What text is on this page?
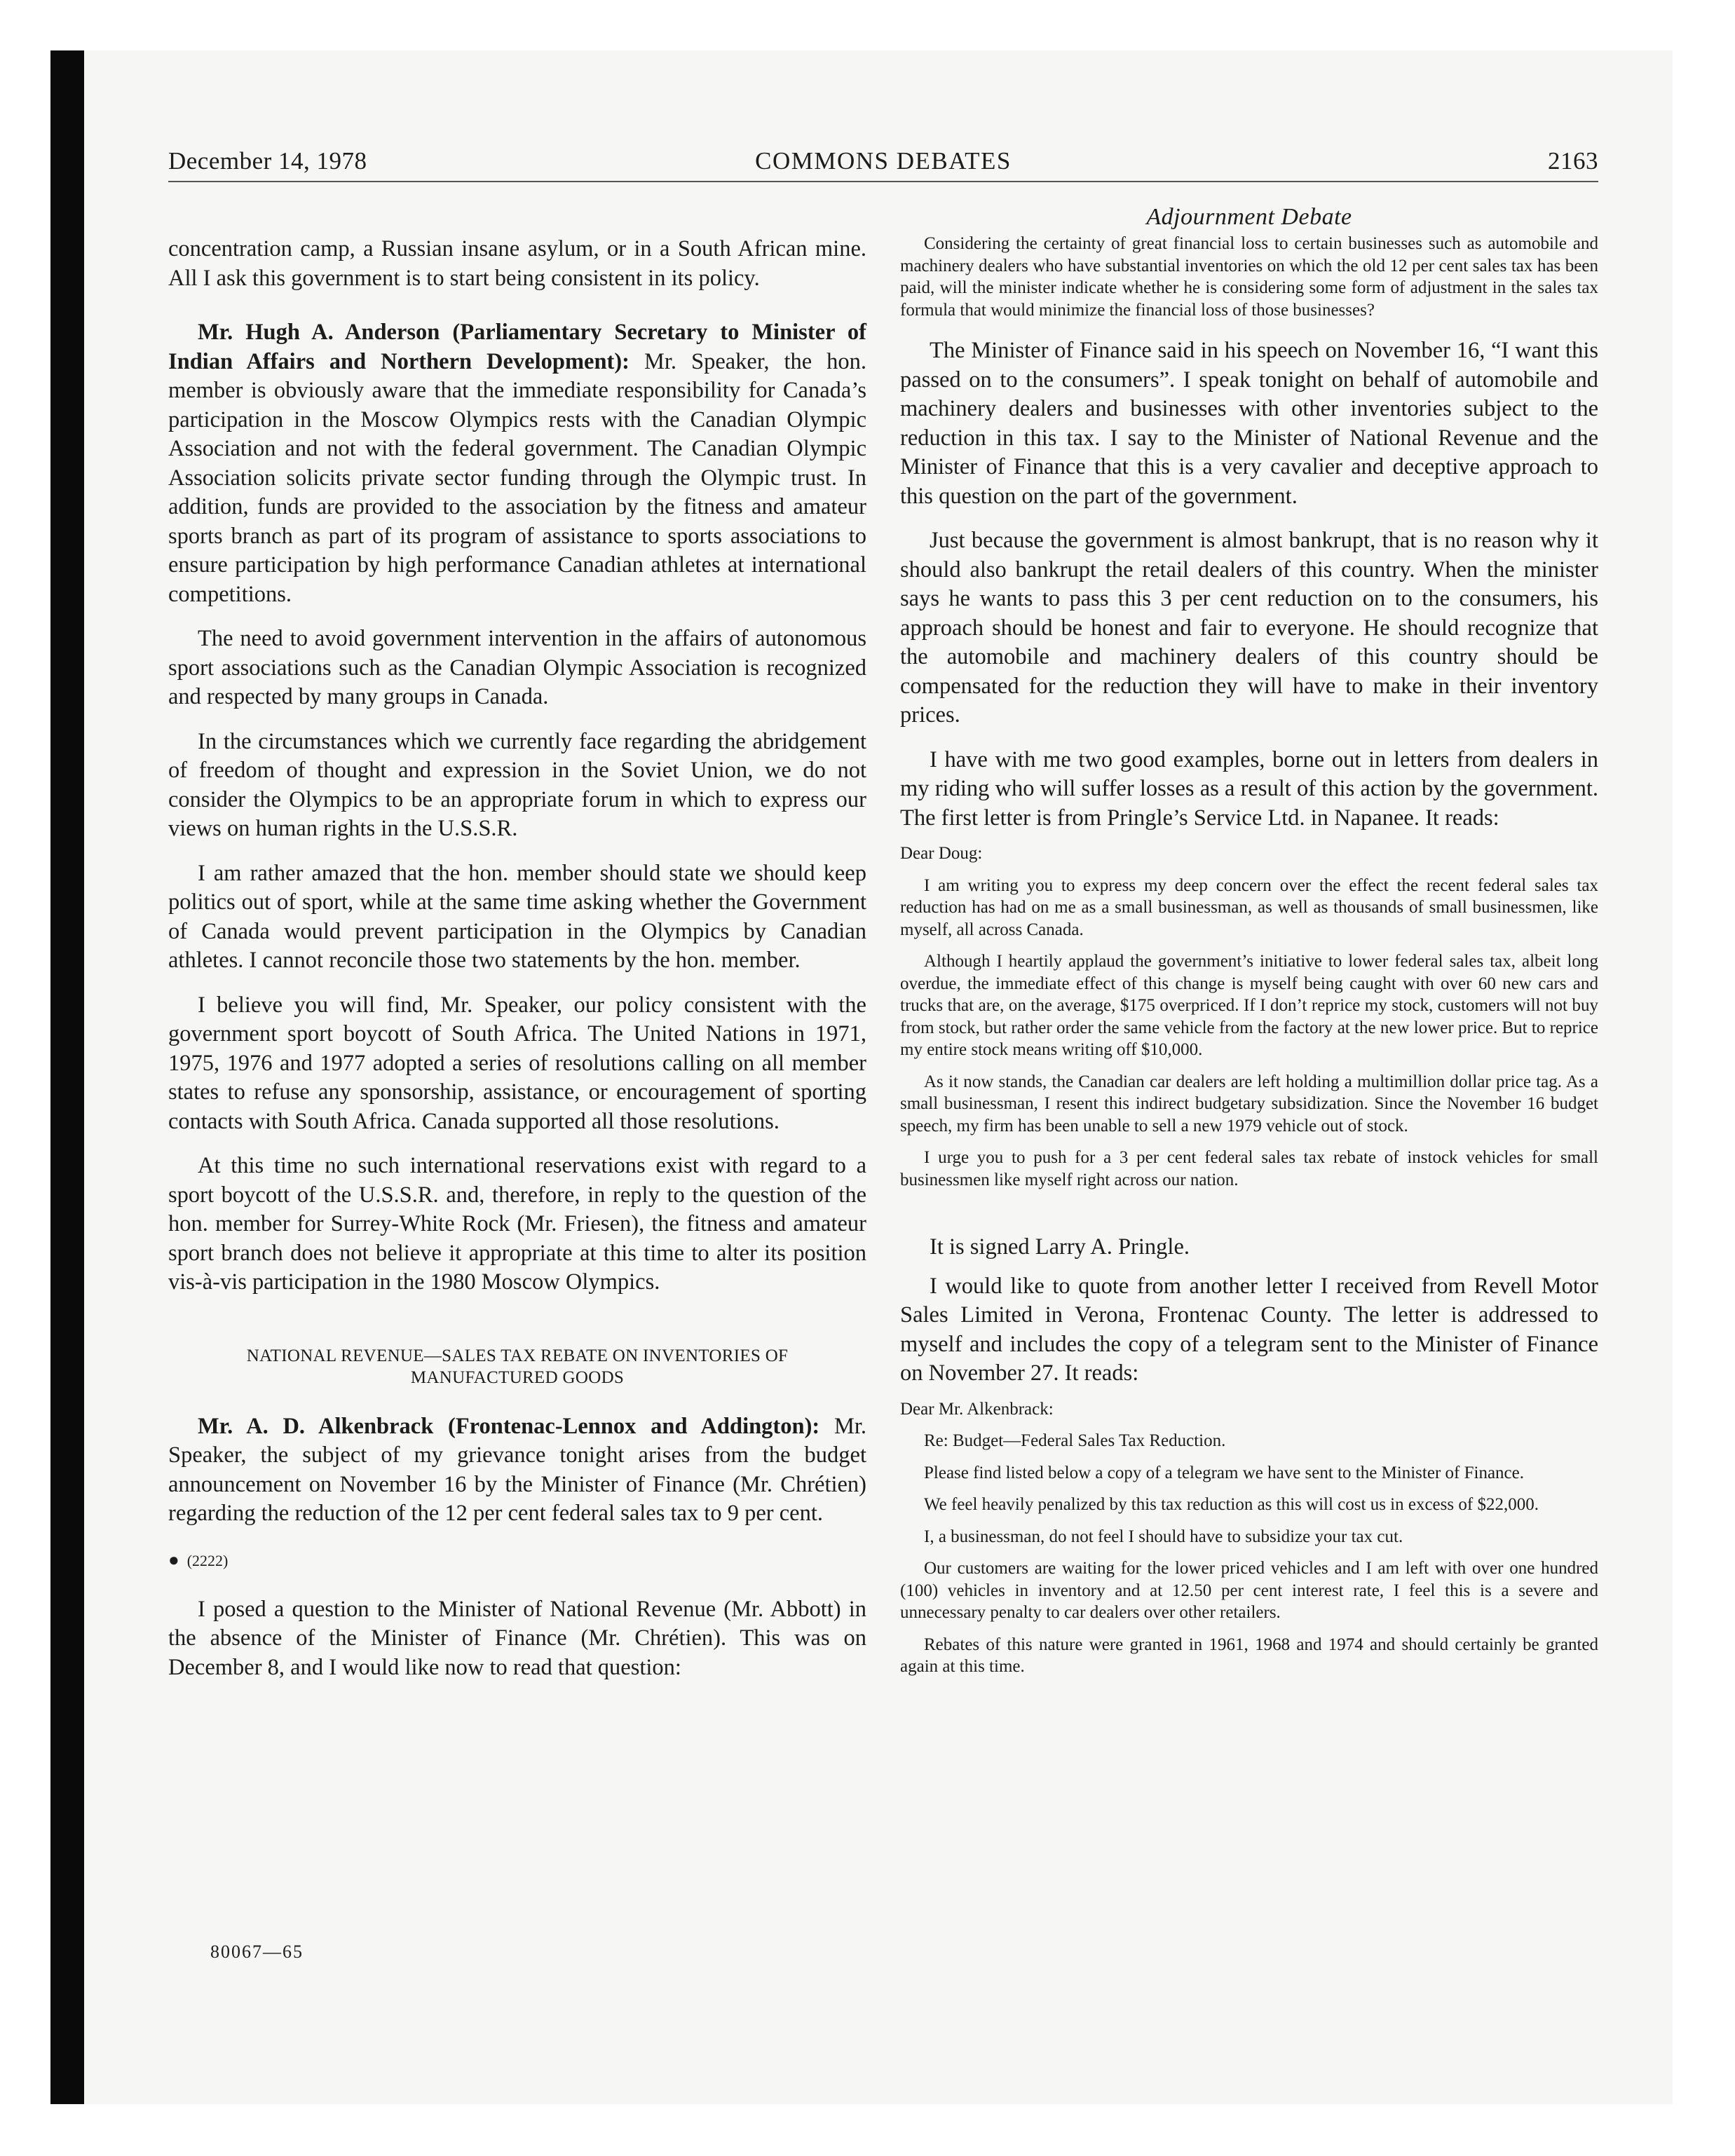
December 14, 1978	COMMONS DEBATES	2163

concentration camp, a Russian insane asylum, or in a South African mine. All I ask this government is to start being consistent in its policy.

Mr. Hugh A. Anderson (Parliamentary Secretary to Minister of Indian Affairs and Northern Development): Mr. Speaker, the hon. member is obviously aware that the immediate responsibility for Canada’s participation in the Moscow Olympics rests with the Canadian Olympic Association and not with the federal government. The Canadian Olympic Association solicits private sector funding through the Olympic trust. In addition, funds are provided to the association by the fitness and amateur sports branch as part of its program of assistance to sports associations to ensure participation by high performance Canadian athletes at international competitions.

The need to avoid government intervention in the affairs of autonomous sport associations such as the Canadian Olympic Association is recognized and respected by many groups in Canada.

In the circumstances which we currently face regarding the abridgement of freedom of thought and expression in the Soviet Union, we do not consider the Olympics to be an appropriate forum in which to express our views on human rights in the U.S.S.R.

I am rather amazed that the hon. member should state we should keep politics out of sport, while at the same time asking whether the Government of Canada would prevent participation in the Olympics by Canadian athletes. I cannot reconcile those two statements by the hon. member.

I believe you will find, Mr. Speaker, our policy consistent with the government sport boycott of South Africa. The United Nations in 1971, 1975, 1976 and 1977 adopted a series of resolutions calling on all member states to refuse any sponsorship, assistance, or encouragement of sporting contacts with South Africa. Canada supported all those resolutions.

At this time no such international reservations exist with regard to a sport boycott of the U.S.S.R. and, therefore, in reply to the question of the hon. member for Surrey-White Rock (Mr. Friesen), the fitness and amateur sport branch does not believe it appropriate at this time to alter its position vis-à-vis participation in the 1980 Moscow Olympics.

NATIONAL REVENUE—SALES TAX REBATE ON INVENTORIES OF MANUFACTURED GOODS

Mr. A. D. Alkenbrack (Frontenac-Lennox and Addington): Mr. Speaker, the subject of my grievance tonight arises from the budget announcement on November 16 by the Minister of Finance (Mr. Chrétien) regarding the reduction of the 12 per cent federal sales tax to 9 per cent.

● (2222)

I posed a question to the Minister of National Revenue (Mr. Abbott) in the absence of the Minister of Finance (Mr. Chrétien). This was on December 8, and I would like now to read that question:

Adjournment Debate

Considering the certainty of great financial loss to certain businesses such as automobile and machinery dealers who have substantial inventories on which the old 12 per cent sales tax has been paid, will the minister indicate whether he is considering some form of adjustment in the sales tax formula that would minimize the financial loss of those businesses?

The Minister of Finance said in his speech on November 16, “I want this passed on to the consumers”. I speak tonight on behalf of automobile and machinery dealers and businesses with other inventories subject to the reduction in this tax. I say to the Minister of National Revenue and the Minister of Finance that this is a very cavalier and deceptive approach to this question on the part of the government.

Just because the government is almost bankrupt, that is no reason why it should also bankrupt the retail dealers of this country. When the minister says he wants to pass this 3 per cent reduction on to the consumers, his approach should be honest and fair to everyone. He should recognize that the automobile and machinery dealers of this country should be compensated for the reduction they will have to make in their inventory prices.

I have with me two good examples, borne out in letters from dealers in my riding who will suffer losses as a result of this action by the government. The first letter is from Pringle’s Service Ltd. in Napanee. It reads:

Dear Doug:

I am writing you to express my deep concern over the effect the recent federal sales tax reduction has had on me as a small businessman, as well as thousands of small businessmen, like myself, all across Canada.

Although I heartily applaud the government’s initiative to lower federal sales tax, albeit long overdue, the immediate effect of this change is myself being caught with over 60 new cars and trucks that are, on the average, $175 overpriced. If I don’t reprice my stock, customers will not buy from stock, but rather order the same vehicle from the factory at the new lower price. But to reprice my entire stock means writing off $10,000.

As it now stands, the Canadian car dealers are left holding a multimillion dollar price tag. As a small businessman, I resent this indirect budgetary subsidization. Since the November 16 budget speech, my firm has been unable to sell a new 1979 vehicle out of stock.

I urge you to push for a 3 per cent federal sales tax rebate of instock vehicles for small businessmen like myself right across our nation.

It is signed Larry A. Pringle.

I would like to quote from another letter I received from Revell Motor Sales Limited in Verona, Frontenac County. The letter is addressed to myself and includes the copy of a telegram sent to the Minister of Finance on November 27. It reads:

Dear Mr. Alkenbrack:

Re: Budget—Federal Sales Tax Reduction.

Please find listed below a copy of a telegram we have sent to the Minister of Finance.

We feel heavily penalized by this tax reduction as this will cost us in excess of $22,000.

I, a businessman, do not feel I should have to subsidize your tax cut.

Our customers are waiting for the lower priced vehicles and I am left with over one hundred (100) vehicles in inventory and at 12.50 per cent interest rate, I feel this is a severe and unnecessary penalty to car dealers over other retailers.

Rebates of this nature were granted in 1961, 1968 and 1974 and should certainly be granted again at this time.

80067—65
